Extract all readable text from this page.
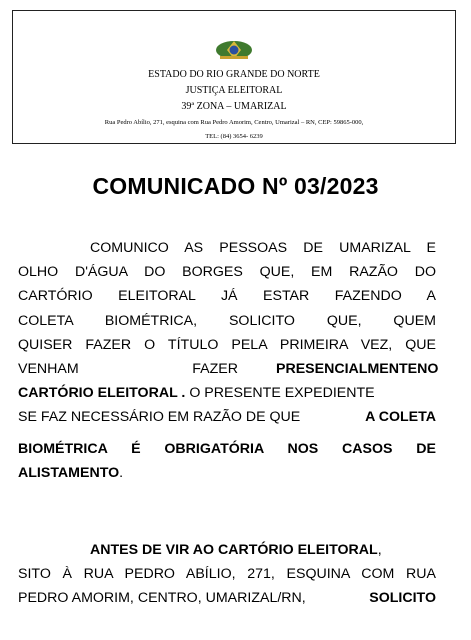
ESTADO DO RIO GRANDE DO NORTE
JUSTIÇA ELEITORAL
39ª ZONA – UMARIZAL
Rua Pedro Abílio, 271, esquina com Rua Pedro Amorim, Centro, Umarizal – RN, CEP: 59865-000,
TEL: (84) 3654- 6239
COMUNICADO Nº 03/2023
COMUNICO AS PESSOAS DE UMARIZAL E
OLHO D'ÁGUA DO BORGES QUE, EM RAZÃO DO
CARTÓRIO ELEITORAL JÁ ESTAR FAZENDO A
COLETA BIOMÉTRICA, SOLICITO QUE, QUEM
QUISER FAZER O TÍTULO PELA PRIMEIRA VEZ, QUE
VENHAM	FAZER	PRESENCIALMENTE NO
CARTÓRIO ELEITORAL . O PRESENTE EXPEDIENTE
SE FAZ NECESSÁRIO EM RAZÃO DE QUE	A COLETA
BIOMÉTRICA É OBRIGATÓRIA NOS CASOS DE
ALISTAMENTO.
ANTES DE VIR AO CARTÓRIO ELEITORAL,
SITO À RUA PEDRO ABÍLIO, 271, ESQUINA COM RUA
PEDRO AMORIM, CENTRO, UMARIZAL/RN,	SOLICITO
